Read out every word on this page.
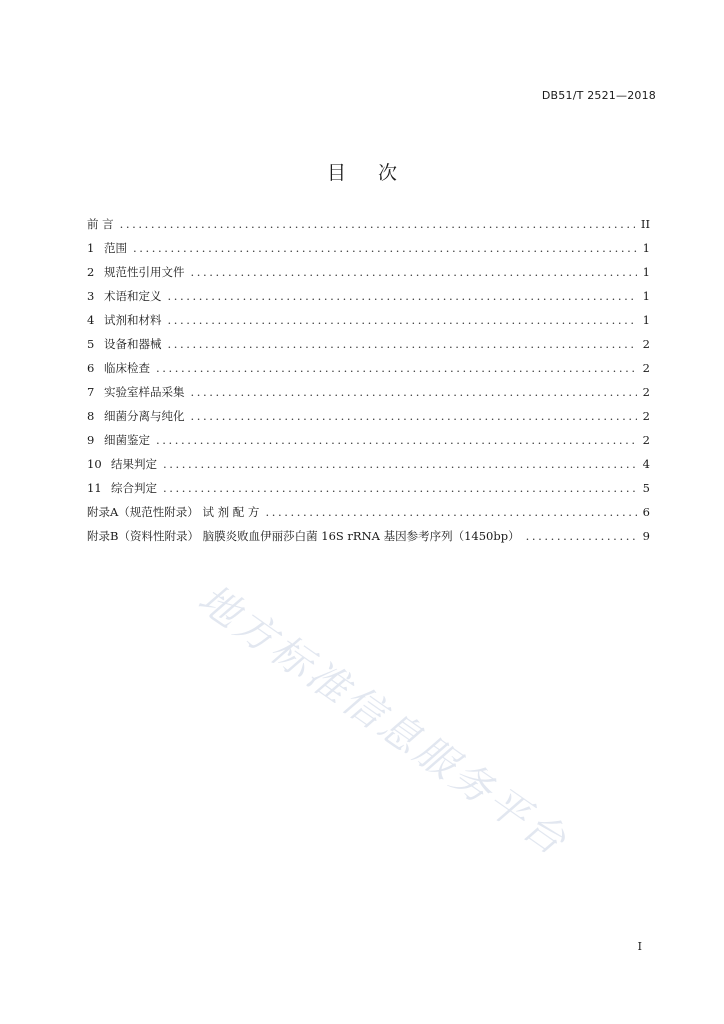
DB51/T 2521—2018
目 次
前 言 .....	II
1 范围 .....	1
2 规范性引用文件 .....	1
3 术语和定义 .....	1
4 试剂和材料 .....	1
5 设备和器械 .....	2
6 临床检查 .....	2
7 实验室样品采集 .....	2
8 细菌分离与纯化 .....	2
9 细菌鉴定 .....	2
10 结果判定 .....	4
11 综合判定 .....	5
附录A（规范性附录） 试 剂 配 方 .....	6
附录B（资料性附录） 脑膜炎败血伊丽莎白菌 16S rRNA 基因参考序列（1450bp） .....	9
地方标准信息服务平台
I
